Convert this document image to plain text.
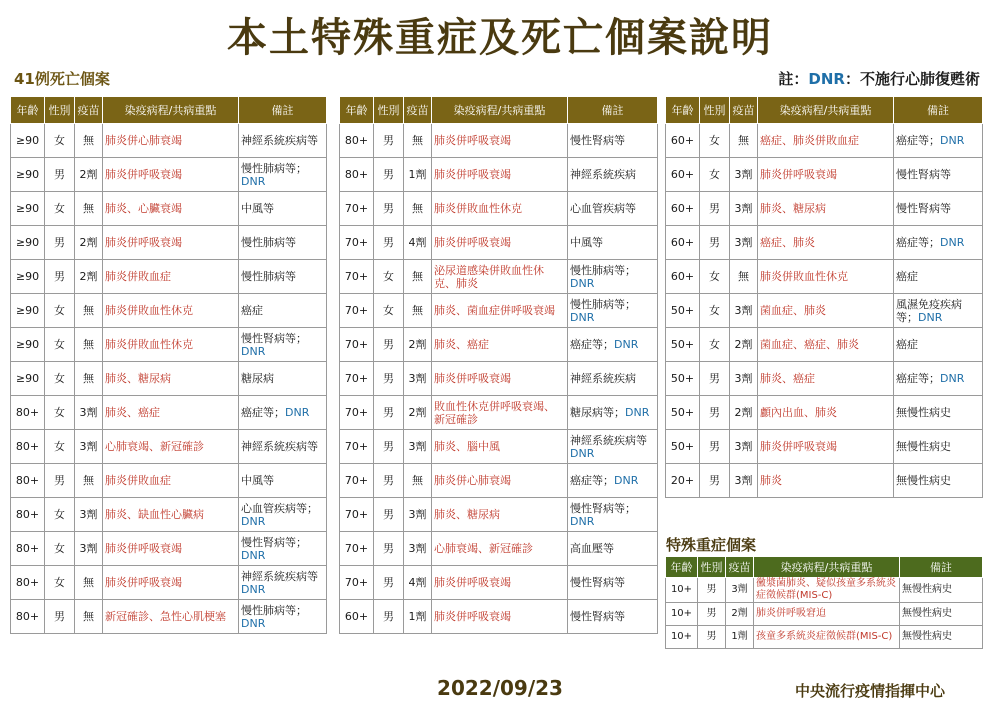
本土特殊重症及死亡個案說明
41例死亡個案	註：DNR：不施行心肺復甦術
年齡	性別	疫苗	染疫病程/共病重點	備註
≥90	女	無	肺炎併心肺衰竭	神經系統疾病等
≥90	男	2劑	肺炎併呼吸衰竭	慢性肺病等；DNR
≥90	女	無	肺炎、心臟衰竭	中風等
≥90	男	2劑	肺炎併呼吸衰竭	慢性肺病等
≥90	男	2劑	肺炎併敗血症	慢性肺病等
≥90	女	無	肺炎併敗血性休克	癌症
≥90	女	無	肺炎併敗血性休克	慢性腎病等；DNR
≥90	女	無	肺炎、糖尿病	糖尿病
80+	女	3劑	肺炎、癌症	癌症等；DNR
80+	女	3劑	心肺衰竭、新冠確診	神經系統疾病等
80+	男	無	肺炎併敗血症	中風等
80+	女	3劑	肺炎、缺血性心臟病	心血管疾病等；DNR
80+	女	3劑	肺炎併呼吸衰竭	慢性腎病等；DNR
80+	女	無	肺炎併呼吸衰竭	神經系統疾病等DNR
80+	男	無	新冠確診、急性心肌梗塞	慢性肺病等；DNR
年齡	性別	疫苗	染疫病程/共病重點	備註
80+	男	無	肺炎併呼吸衰竭	慢性腎病等
80+	男	1劑	肺炎併呼吸衰竭	神經系統疾病
70+	男	無	肺炎併敗血性休克	心血管疾病等
70+	男	4劑	肺炎併呼吸衰竭	中風等
70+	女	無	泌尿道感染併敗血性休克、肺炎	慢性肺病等；DNR
70+	女	無	肺炎、菌血症併呼吸衰竭	慢性肺病等；DNR
70+	男	2劑	肺炎、癌症	癌症等；DNR
70+	男	3劑	肺炎併呼吸衰竭	神經系統疾病
70+	男	2劑	敗血性休克併呼吸衰竭、新冠確診	糖尿病等；DNR
70+	男	3劑	肺炎、腦中風	神經系統疾病等DNR
70+	男	無	肺炎併心肺衰竭	癌症等；DNR
70+	男	3劑	肺炎、糖尿病	慢性腎病等；DNR
70+	男	3劑	心肺衰竭、新冠確診	高血壓等
70+	男	4劑	肺炎併呼吸衰竭	慢性腎病等
60+	男	1劑	肺炎併呼吸衰竭	慢性腎病等
年齡	性別	疫苗	染疫病程/共病重點	備註
60+	女	無	癌症、肺炎併敗血症	癌症等；DNR
60+	女	3劑	肺炎併呼吸衰竭	慢性腎病等
60+	男	3劑	肺炎、糖尿病	慢性腎病等
60+	男	3劑	癌症、肺炎	癌症等；DNR
60+	女	無	肺炎併敗血性休克	癌症
50+	女	3劑	菌血症、肺炎	風濕免疫疾病等；DNR
50+	女	2劑	菌血症、癌症、肺炎	癌症
50+	男	3劑	肺炎、癌症	癌症等；DNR
50+	男	2劑	顱內出血、肺炎	無慢性病史
50+	男	3劑	肺炎併呼吸衰竭	無慢性病史
20+	男	3劑	肺炎	無慢性病史
特殊重症個案
年齡	性別	疫苗	染疫病程/共病重點	備註
10+	男	3劑	黴漿菌肺炎、疑似孩童多系統炎症徵候群(MIS-C)	無慢性病史
10+	男	2劑	肺炎併呼吸窘迫	無慢性病史
10+	男	1劑	孩童多系統炎症徵候群(MIS-C)	無慢性病史
2022/09/23	中央流行疫情指揮中心
